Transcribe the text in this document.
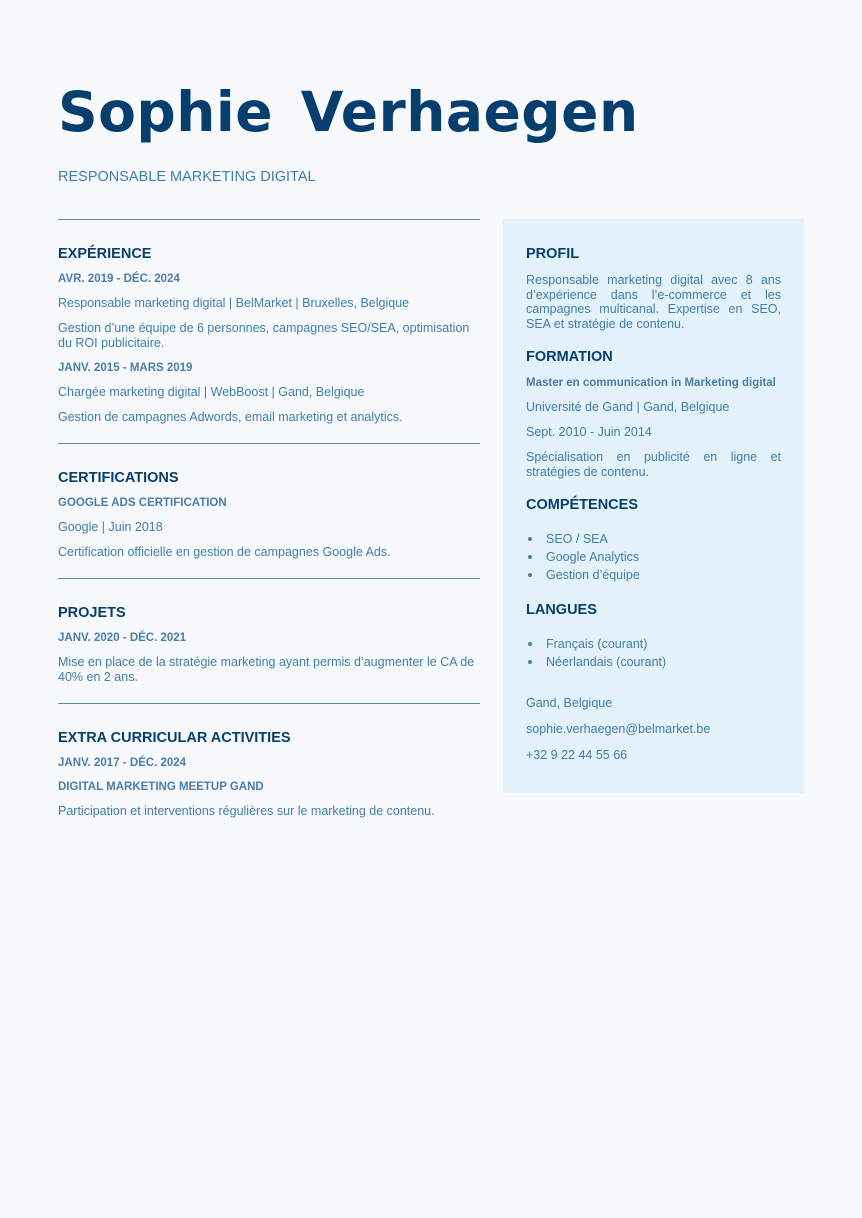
Sophie Verhaegen

RESPONSABLE MARKETING DIGITAL

EXPÉRIENCE

AVR. 2019 - DÉC. 2024

Responsable marketing digital | BelMarket | Bruxelles, Belgique

Gestion d’une équipe de 6 personnes, campagnes SEO/SEA, optimisation du ROI publicitaire.

JANV. 2015 - MARS 2019

Chargée marketing digital | WebBoost | Gand, Belgique

Gestion de campagnes Adwords, email marketing et analytics.

CERTIFICATIONS

GOOGLE ADS CERTIFICATION

Google | Juin 2018

Certification officielle en gestion de campagnes Google Ads.

PROJETS

JANV. 2020 - DÉC. 2021

Mise en place de la stratégie marketing ayant permis d’augmenter le CA de 40% en 2 ans.

EXTRA CURRICULAR ACTIVITIES

JANV. 2017 - DÉC. 2024

DIGITAL MARKETING MEETUP GAND

Participation et interventions régulières sur le marketing de contenu.

PROFIL

Responsable marketing digital avec 8 ans d’expérience dans l’e-commerce et les campagnes multicanal. Expertise en SEO, SEA et stratégie de contenu.

FORMATION

Master en communication in Marketing digital

Université de Gand | Gand, Belgique

Sept. 2010 - Juin 2014

Spécialisation en publicité en ligne et stratégies de contenu.

COMPÉTENCES
SEO / SEA
Google Analytics
Gestion d’équipe
LANGUES
Français (courant)
Néerlandais (courant)

Gand, Belgique

sophie.verhaegen@belmarket.be

+32 9 22 44 55 66
